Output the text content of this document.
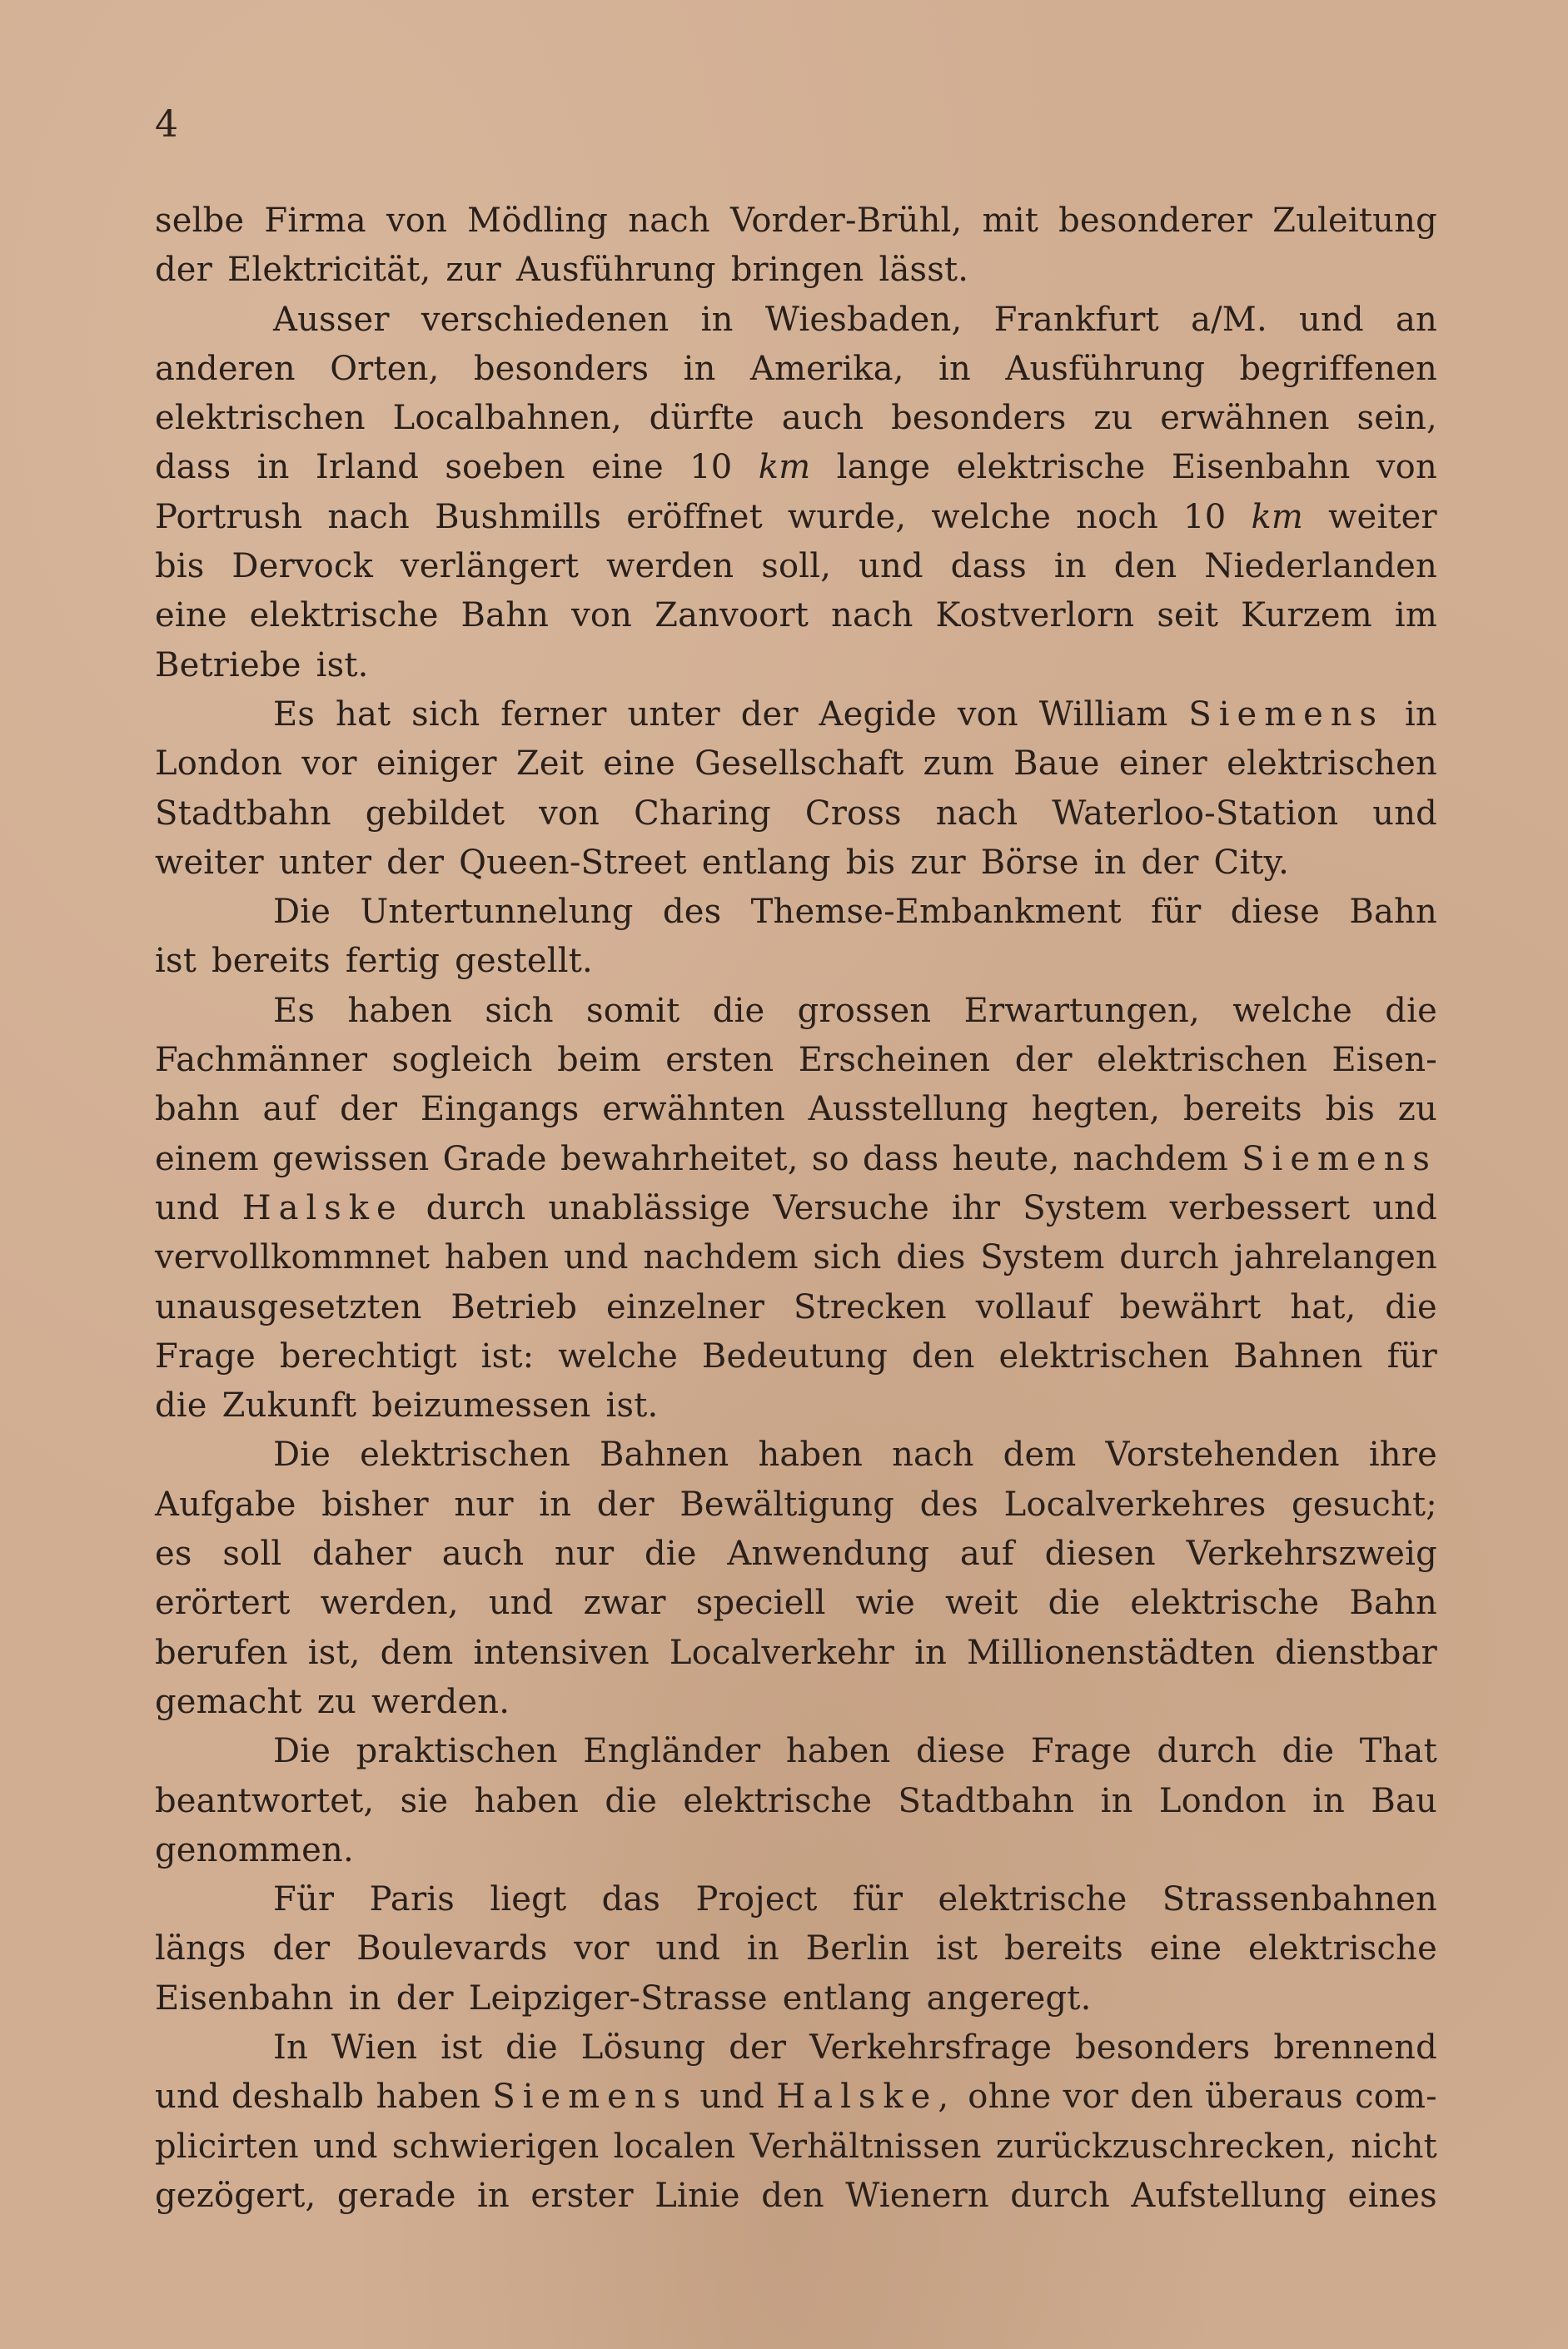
4
selbe Firma von Mödling nach Vorder-Brühl, mit besonderer Zuleitung
der Elektricität, zur Ausführung bringen lässt.
Ausser verschiedenen in Wiesbaden, Frankfurt a/M. und an
anderen Orten, besonders in Amerika, in Ausführung begriffenen
elektrischen Localbahnen, dürfte auch besonders zu erwähnen sein,
dass in Irland soeben eine 10 km lange elektrische Eisenbahn von
Portrush nach Bushmills eröffnet wurde, welche noch 10 km weiter
bis Dervock verlängert werden soll, und dass in den Niederlanden
eine elektrische Bahn von Zanvoort nach Kostverlorn seit Kurzem im
Betriebe ist.
Es hat sich ferner unter der Aegide von William Siemens in
London vor einiger Zeit eine Gesellschaft zum Baue einer elektrischen
Stadtbahn gebildet von Charing Cross nach Waterloo-Station und
weiter unter der Queen-Street entlang bis zur Börse in der City.
Die Untertunnelung des Themse-Embankment für diese Bahn
ist bereits fertig gestellt.
Es haben sich somit die grossen Erwartungen, welche die
Fachmänner sogleich beim ersten Erscheinen der elektrischen Eisen-
bahn auf der Eingangs erwähnten Ausstellung hegten, bereits bis zu
einem gewissen Grade bewahrheitet, so dass heute, nachdem Siemens
und Halske durch unablässige Versuche ihr System verbessert und
vervollkommnet haben und nachdem sich dies System durch jahrelangen
unausgesetzten Betrieb einzelner Strecken vollauf bewährt hat, die
Frage berechtigt ist: welche Bedeutung den elektrischen Bahnen für
die Zukunft beizumessen ist.
Die elektrischen Bahnen haben nach dem Vorstehenden ihre
Aufgabe bisher nur in der Bewältigung des Localverkehres gesucht;
es soll daher auch nur die Anwendung auf diesen Verkehrszweig
erörtert werden, und zwar speciell wie weit die elektrische Bahn
berufen ist, dem intensiven Localverkehr in Millionenstädten dienstbar
gemacht zu werden.
Die praktischen Engländer haben diese Frage durch die That
beantwortet, sie haben die elektrische Stadtbahn in London in Bau
genommen.
Für Paris liegt das Project für elektrische Strassenbahnen
längs der Boulevards vor und in Berlin ist bereits eine elektrische
Eisenbahn in der Leipziger-Strasse entlang angeregt.
In Wien ist die Lösung der Verkehrsfrage besonders brennend
und deshalb haben Siemens und Halske, ohne vor den überaus com-
plicirten und schwierigen localen Verhältnissen zurückzuschrecken, nicht
gezögert, gerade in erster Linie den Wienern durch Aufstellung eines
